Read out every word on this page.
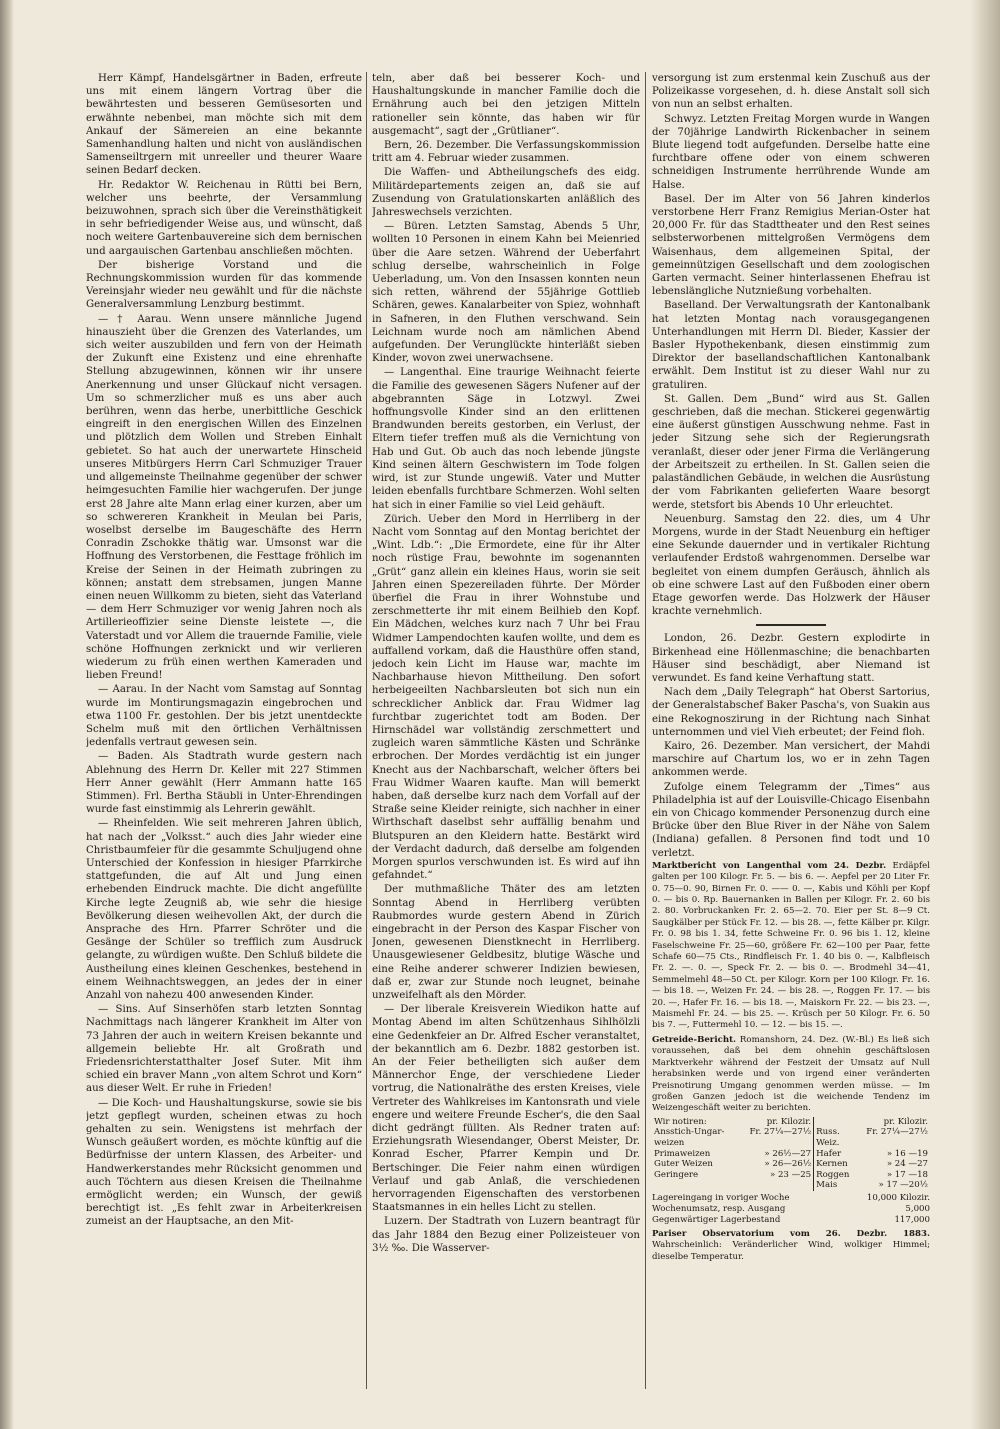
Herr Kämpf, Handelsgärtner in Baden, erfreute uns mit einem längern Vortrag über die bewährtesten und besseren Gemüsesorten und erwähnte nebenbei, man möchte sich mit dem Ankauf der Sämereien an eine bekannte Samenhandlung halten und nicht von ausländischen Samenseiltrgern mit unreeller und theurer Waare seinen Bedarf decken.

Hr. Redaktor W. Reichenau in Rütti bei Bern, welcher uns beehrte, der Versammlung beizuwohnen, sprach sich über die Vereinsthätigkeit in sehr befriedigender Weise aus, und wünscht, daß noch weitere Gartenbauvereine sich dem bernischen und aargauischen Gartenbau anschließen möchten.

Der bisherige Vorstand und die Rechnungskommission wurden für das kommende Vereinsjahr wieder neu gewählt und für die nächste Generalversammlung Lenzburg bestimmt.

— † Aarau. Wenn unsere männliche Jugend hinauszieht über die Grenzen des Vaterlandes, um sich weiter auszubilden und fern von der Heimath der Zukunft eine Existenz und eine ehrenhafte Stellung abzugewinnen, können wir ihr unsere Anerkennung und unser Glückauf nicht versagen. Um so schmerzlicher muß es uns aber auch berühren, wenn das herbe, unerbittliche Geschick eingreift in den energischen Willen des Einzelnen und plötzlich dem Wollen und Streben Einhalt gebietet. So hat auch der unerwartete Hinscheid unseres Mitbürgers Herrn Carl Schmuziger Trauer und allgemeinste Theilnahme gegenüber der schwer heimgesuchten Familie hier wachgerufen. Der junge erst 28 Jahre alte Mann erlag einer kurzen, aber um so schwereren Krankheit in Meulan bei Paris, woselbst derselbe im Baugeschäfte des Herrn Conradin Zschokke thätig war. Umsonst war die Hoffnung des Verstorbenen, die Festtage fröhlich im Kreise der Seinen in der Heimath zubringen zu können; anstatt dem strebsamen, jungen Manne einen neuen Willkomm zu bieten, sieht das Vaterland — dem Herr Schmuziger vor wenig Jahren noch als Artillerieoffizier seine Dienste leistete —, die Vaterstadt und vor Allem die trauernde Familie, viele schöne Hoffnungen zerknickt und wir verlieren wiederum zu früh einen werthen Kameraden und lieben Freund!

— Aarau. In der Nacht vom Samstag auf Sonntag wurde im Montirungsmagazin eingebrochen und etwa 1100 Fr. gestohlen. Der bis jetzt unentdeckte Schelm muß mit den örtlichen Verhältnissen jedenfalls vertraut gewesen sein.

— Baden. Als Stadtrath wurde gestern nach Ablehnung des Herrn Dr. Keller mit 227 Stimmen Herr Anner gewählt (Herr Ammann hatte 165 Stimmen). Frl. Bertha Stäubli in Unter-Ehrendingen wurde fast einstimmig als Lehrerin gewählt.

— Rheinfelden. Wie seit mehreren Jahren üblich, hat nach der „Volksst.“ auch dies Jahr wieder eine Christbaumfeier für die gesammte Schuljugend ohne Unterschied der Konfession in hiesiger Pfarrkirche stattgefunden, die auf Alt und Jung einen erhebenden Eindruck machte. Die dicht angefüllte Kirche legte Zeugniß ab, wie sehr die hiesige Bevölkerung diesen weihevollen Akt, der durch die Ansprache des Hrn. Pfarrer Schröter und die Gesänge der Schüler so trefflich zum Ausdruck gelangte, zu würdigen wußte. Den Schluß bildete die Austheilung eines kleinen Geschenkes, bestehend in einem Weihnachtsweggen, an jedes der in einer Anzahl von nahezu 400 anwesenden Kinder.

— Sins. Auf Sinserhöfen starb letzten Sonntag Nachmittags nach längerer Krankheit im Alter von 73 Jahren der auch in weitern Kreisen bekannte und allgemein beliebte Hr. alt Großrath und Friedensrichterstatthalter Josef Suter. Mit ihm schied ein braver Mann „von altem Schrot und Korn“ aus dieser Welt. Er ruhe in Frieden!

— Die Koch- und Haushaltungskurse, sowie sie bis jetzt gepflegt wurden, scheinen etwas zu hoch gehalten zu sein. Wenigstens ist mehrfach der Wunsch geäußert worden, es möchte künftig auf die Bedürfnisse der untern Klassen, des Arbeiter- und Handwerkerstandes mehr Rücksicht genommen und auch Töchtern aus diesen Kreisen die Theilnahme ermöglicht werden; ein Wunsch, der gewiß berechtigt ist. „Es fehlt zwar in Arbeiterkreisen zumeist an der Hauptsache, an den Mit-

teln, aber daß bei besserer Koch- und Haushaltungskunde in mancher Familie doch die Ernährung auch bei den jetzigen Mitteln rationeller sein könnte, das haben wir für ausgemacht“, sagt der „Grütlianer“.

Bern, 26. Dezember. Die Verfassungskommission tritt am 4. Februar wieder zusammen.

Die Waffen- und Abtheilungschefs des eidg. Militärdepartements zeigen an, daß sie auf Zusendung von Gratulationskarten anläßlich des Jahreswechsels verzichten.

— Büren. Letzten Samstag, Abends 5 Uhr, wollten 10 Personen in einem Kahn bei Meienried über die Aare setzen. Während der Ueberfahrt schlug derselbe, wahrscheinlich in Folge Ueberladung, um. Von den Insassen konnten neun sich retten, während der 55jährige Gottlieb Schären, gewes. Kanalarbeiter von Spiez, wohnhaft in Safneren, in den Fluthen verschwand. Sein Leichnam wurde noch am nämlichen Abend aufgefunden. Der Verunglückte hinterläßt sieben Kinder, wovon zwei unerwachsene.

— Langenthal. Eine traurige Weihnacht feierte die Familie des gewesenen Sägers Nufener auf der abgebrannten Säge in Lotzwyl. Zwei hoffnungsvolle Kinder sind an den erlittenen Brandwunden bereits gestorben, ein Verlust, der Eltern tiefer treffen muß als die Vernichtung von Hab und Gut. Ob auch das noch lebende jüngste Kind seinen ältern Geschwistern im Tode folgen wird, ist zur Stunde ungewiß. Vater und Mutter leiden ebenfalls furchtbare Schmerzen. Wohl selten hat sich in einer Familie so viel Leid gehäuft.

Zürich. Ueber den Mord in Herrliberg in der Nacht vom Sonntag auf den Montag berichtet der „Wint. Ldb.“: „Die Ermordete, eine für ihr Alter noch rüstige Frau, bewohnte im sogenannten „Grüt“ ganz allein ein kleines Haus, worin sie seit Jahren einen Spezereiladen führte. Der Mörder überfiel die Frau in ihrer Wohnstube und zerschmetterte ihr mit einem Beilhieb den Kopf. Ein Mädchen, welches kurz nach 7 Uhr bei Frau Widmer Lampendochten kaufen wollte, und dem es auffallend vorkam, daß die Hausthüre offen stand, jedoch kein Licht im Hause war, machte im Nachbarhause hievon Mittheilung. Den sofort herbeigeeilten Nachbarsleuten bot sich nun ein schrecklicher Anblick dar. Frau Widmer lag furchtbar zugerichtet todt am Boden. Der Hirnschädel war vollständig zerschmettert und zugleich waren sämmtliche Kästen und Schränke erbrochen. Der Mordes verdächtig ist ein junger Knecht aus der Nachbarschaft, welcher öfters bei Frau Widmer Waaren kaufte. Man will bemerkt haben, daß derselbe kurz nach dem Vorfall auf der Straße seine Kleider reinigte, sich nachher in einer Wirthschaft daselbst sehr auffällig benahm und Blutspuren an den Kleidern hatte. Bestärkt wird der Verdacht dadurch, daß derselbe am folgenden Morgen spurlos verschwunden ist. Es wird auf ihn gefahndet.“

Der muthmaßliche Thäter des am letzten Sonntag Abend in Herrliberg verübten Raubmordes wurde gestern Abend in Zürich eingebracht in der Person des Kaspar Fischer von Jonen, gewesenen Dienstknecht in Herrliberg. Unausgewiesener Geldbesitz, blutige Wäsche und eine Reihe anderer schwerer Indizien bewiesen, daß er, zwar zur Stunde noch leugnet, beinahe unzweifelhaft als den Mörder.

— Der liberale Kreisverein Wiedikon hatte auf Montag Abend im alten Schützenhaus Sihlhölzli eine Gedenkfeier an Dr. Alfred Escher veranstaltet, der bekanntlich am 6. Dezbr. 1882 gestorben ist. An der Feier betheiligten sich außer dem Männerchor Enge, der verschiedene Lieder vortrug, die Nationalräthe des ersten Kreises, viele Vertreter des Wahlkreises im Kantonsrath und viele engere und weitere Freunde Escher's, die den Saal dicht gedrängt füllten. Als Redner traten auf: Erziehungsrath Wiesendanger, Oberst Meister, Dr. Konrad Escher, Pfarrer Kempin und Dr. Bertschinger. Die Feier nahm einen würdigen Verlauf und gab Anlaß, die verschiedenen hervorragenden Eigenschaften des verstorbenen Staatsmannes in ein helles Licht zu stellen.

Luzern. Der Stadtrath von Luzern beantragt für das Jahr 1884 den Bezug einer Polizeisteuer von 3½ ‰. Die Wasserver-

versorgung ist zum erstenmal kein Zuschuß aus der Polizeikasse vorgesehen, d. h. diese Anstalt soll sich von nun an selbst erhalten.

Schwyz. Letzten Freitag Morgen wurde in Wangen der 70jährige Landwirth Rickenbacher in seinem Blute liegend todt aufgefunden. Derselbe hatte eine furchtbare offene oder von einem schweren schneidigen Instrumente herrührende Wunde am Halse.

Basel. Der im Alter von 56 Jahren kinderlos verstorbene Herr Franz Remigius Merian-Oster hat 20,000 Fr. für das Stadttheater und den Rest seines selbsterworbenen mittelgroßen Vermögens dem Waisenhaus, dem allgemeinen Spital, der gemeinnützigen Gesellschaft und dem zoologischen Garten vermacht. Seiner hinterlassenen Ehefrau ist lebenslängliche Nutznießung vorbehalten.

Baselland. Der Verwaltungsrath der Kantonalbank hat letzten Montag nach vorausgegangenen Unterhandlungen mit Herrn Dl. Bieder, Kassier der Basler Hypothekenbank, diesen einstimmig zum Direktor der basellandschaftlichen Kantonalbank erwählt. Dem Institut ist zu dieser Wahl nur zu gratuliren.

St. Gallen. Dem „Bund“ wird aus St. Gallen geschrieben, daß die mechan. Stickerei gegenwärtig eine äußerst günstigen Ausschwung nehme. Fast in jeder Sitzung sehe sich der Regierungsrath veranlaßt, dieser oder jener Firma die Verlängerung der Arbeitszeit zu ertheilen. In St. Gallen seien die palaständlichen Gebäude, in welchen die Ausrüstung der vom Fabrikanten gelieferten Waare besorgt werde, stetsfort bis Abends 10 Uhr erleuchtet.

Neuenburg. Samstag den 22. dies, um 4 Uhr Morgens, wurde in der Stadt Neuenburg ein heftiger eine Sekunde dauernder und in vertikaler Richtung verlaufender Erdstoß wahrgenommen. Derselbe war begleitet von einem dumpfen Geräusch, ähnlich als ob eine schwere Last auf den Fußboden einer obern Etage geworfen werde. Das Holzwerk der Häuser krachte vernehmlich.

London, 26. Dezbr. Gestern explodirte in Birkenhead eine Höllenmaschine; die benachbarten Häuser sind beschädigt, aber Niemand ist verwundet. Es fand keine Verhaftung statt.

Nach dem „Daily Telegraph“ hat Oberst Sartorius, der Generalstabschef Baker Pascha's, von Suakin aus eine Rekognoszirung in der Richtung nach Sinhat unternommen und viel Vieh erbeutet; der Feind floh.

Kairo, 26. Dezember. Man versichert, der Mahdi marschire auf Chartum los, wo er in zehn Tagen ankommen werde.

Zufolge einem Telegramm der „Times“ aus Philadelphia ist auf der Louisville-Chicago Eisenbahn ein von Chicago kommender Personenzug durch eine Brücke über den Blue River in der Nähe von Salem (Indiana) gefallen. 8 Personen find todt und 10 verletzt.

Marktbericht von Langenthal vom 24. Dezbr. Erdäpfel galten per 100 Kilogr. Fr. 5. — bis 6. —. Aepfel per 20 Liter Fr. 0. 75—0. 90, Birnen Fr. 0. —— 0. —, Kabis und Köhli per Kopf 0. — bis 0. Rp. Bauernanken in Ballen per Kilogr. Fr. 2. 60 bis 2. 80. Vorbruckanken Fr. 2. 65—2. 70. Eier per St. 8—9 Ct. Saugkälber per Stück Fr. 12. — bis 28. —, fette Kälber pr. Kilgr. Fr. 0. 98 bis 1. 34, fette Schweine Fr. 0. 96 bis 1. 12, kleine Faselschweine Fr. 25—60, größere Fr. 62—100 per Paar, fette Schafe 60—75 Cts., Rindfleisch Fr. 1. 40 bis 0. —, Kalbfleisch Fr. 2. —. 0. —, Speck Fr. 2. — bis 0. —. Brodmehl 34—41, Semmelmehl 48—50 Ct. per Kilogr. Korn per 100 Kilogr. Fr. 16. — bis 18. —, Weizen Fr. 24. — bis 28. —, Roggen Fr. 17. — bis 20. —, Hafer Fr. 16. — bis 18. —, Maiskorn Fr. 22. — bis 23. —, Maismehl Fr. 24. — bis 25. —. Krüsch per 50 Kilogr. Fr. 6. 50 bis 7. —, Futtermehl 10. — 12. — bis 15. —.
Getreide-Bericht. Romanshorn, 24. Dez. (W.-Bl.) Es ließ sich voraussehen, daß bei dem ohnehin geschäftslosen Marktverkehr während der Festzeit der Umsatz auf Null herabsinken werde und von irgend einer veränderten Preisnotirung Umgang genommen werden müsse. — Im großen Ganzen jedoch ist die weichende Tendenz im Weizengeschäft weiter zu berichten.
Wir notiren:	pr. Kilozir.		pr. Kilozir.
Ansstich-Ungar-weizen	Fr. 27¼—27½	Russ. Weiz.	Fr. 27¼—27½
Primaweizen	» 26½—27	Hafer	» 16 —19
Guter Weizen	» 26—26½	Kernen	» 24 —27
Geringere	» 23 —25	Roggen	» 17 —18
		Mais	» 17 —20½
Lagereingang in voriger Woche	10,000 Kilozir.
Wochenumsatz, resp. Ausgang	5,000
Gegenwärtiger Lagerbestand	117,000
Pariser Observatorium vom 26. Dezbr. 1883. Wahrscheinlich: Veränderlicher Wind, wolkiger Himmel; dieselbe Temperatur.
